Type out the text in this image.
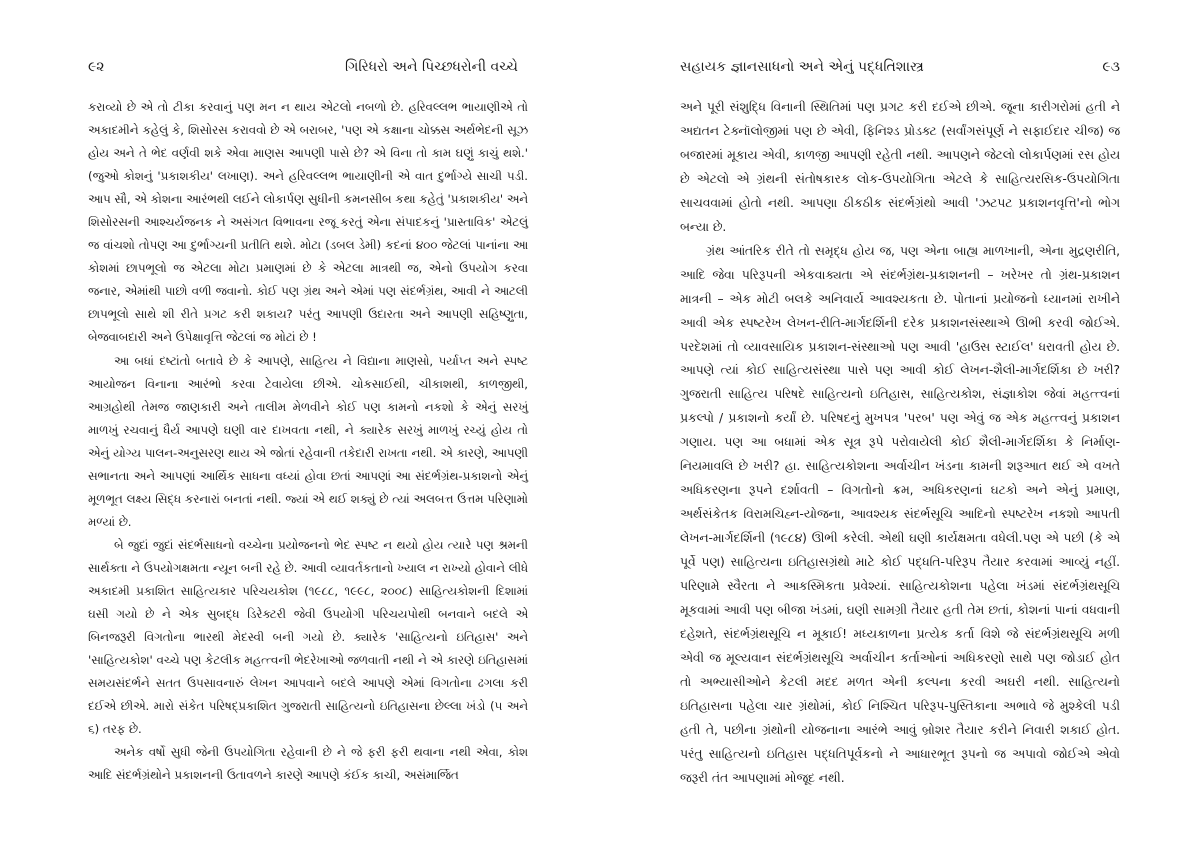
૯૨	ગિરિધરો અને પિચ્છધરોની વચ્ચે

કરાવ્યો છે એ તો ટીકા કરવાનું પણ મન ન થાય એટલો નબળો છે. હરિવલ્લભ ભાયાણીએ તો અકાદમીને કહેલું કે, શિસોરસ કરાવવો છે એ બરાબર, 'પણ એ કક્ષાના ચોક્કસ અર્થભેદની સૂઝ હોય અને તે ભેદ વર્ણવી શકે એવા માણસ આપણી પાસે છે? એ વિના તો કામ ઘણું કાચું થશે.' (જુઓ કોશનું 'પ્રકાશકીય' લખાણ). અને હરિવલ્લભ ભાયાણીની એ વાત દુર્ભાગ્યે સાચી પડી. આપ સૌ, એ કોશના આરંભથી લઈને લોકાર્પણ સુધીની કમનસીબ કથા કહેતું 'પ્રકાશકીય' અને શિસોરસની આશ્ચર્યજનક ને અસંગત વિભાવના રજૂ કરતું એના સંપાદકનું 'પ્રાસ્તાવિક' એટલું જ વાંચશો તોપણ આ દુર્ભાગ્યની પ્રતીતિ થશે. મોટા (ડબલ ડેમી) કદનાં ૪૦૦ જેટલાં પાનાંના આ કોશમાં છાપભૂલો જ એટલા મોટા પ્રમાણમાં છે કે એટલા માત્રથી જ, એનો ઉપયોગ કરવા જનાર, એમાંથી પાછો વળી જવાનો. કોઈ પણ ગ્રંથ અને એમાં પણ સંદર્ભગ્રંથ, આવી ને આટલી છાપભૂલો સાથે શી રીતે પ્રગટ કરી શકાય? પરંતુ આપણી ઉદારતા અને આપણી સહિષ્ણુતા, બેજવાબદારી અને ઉપેક્ષાવૃત્તિ જેટલાં જ મોટાં છે !

આ બધાં દષ્ટાંતો બતાવે છે કે આપણે, સાહિત્ય ને વિદ્યાના માણસો, પર્યાપ્ત અને સ્પષ્ટ આયોજન વિનાના આરંભો કરવા ટેવાયેલા છીએ. ચોકસાઈથી, ચીકાશથી, કાળજીથી, આગ્રહોથી તેમજ જાણકારી અને તાલીમ મેળવીને કોઈ પણ કામનો નકશો કે એનું સરખું માળખું રચવાનું ધૈર્ય આપણે ઘણી વાર દાખવતા નથી, ને ક્યારેક સરખું માળખું રચ્યું હોય તો એનું યોગ્ય પાલન-અનુસરણ થાય એ જોતાં રહેવાની તકેદારી રાખતા નથી. એ કારણે, આપણી સભાનતા અને આપણાં આર્થિક સાધના વધ્યાં હોવા છતાં આપણાં આ સંદર્ભગ્રંથ-પ્રકાશનો એનું મૂળભૂત લક્ષ્ય સિદ્ધ કરનારાં બનતાં નથી. જ્યાં એ થઈ શક્યું છે ત્યાં અલબત્ત ઉત્તમ પરિણામો મળ્યાં છે.

બે જુદાં જુદાં સંદર્ભસાધનો વચ્ચેના પ્રયોજનનો ભેદ સ્પષ્ટ ન થયો હોય ત્યારે પણ શ્રમની સાર્થક્તા ને ઉપયોગક્ષમતા ન્યૂન બની રહે છે. આવી વ્યાવર્તકતાનો ખ્યાલ ન રાખ્યો હોવાને લીધે અકાદમી પ્રકાશિત સાહિત્યકાર પરિચયકોશ (૧૯૮૮, ૧૯૯૮, ૨૦૦૮) સાહિત્યકોશની દિશામાં ઘસી ગયો છે ને એક સુબદ્ધ ડિરેક્ટરી જેવી ઉપયોગી પરિચયપોથી બનવાને બદલે એ બિનજરૂરી વિગતોના ભારથી મેદસ્વી બની ગયો છે. ક્યારેક 'સાહિત્યનો ઇતિહાસ' અને 'સાહિત્યકોશ' વચ્ચે પણ કેટલીક મહત્ત્વની ભેદરેખાઓ જળવાતી નથી ને એ કારણે ઇતિહાસમાં સમયસંદર્ભને સતત ઉપસાવનારું લેખન આપવાને બદલે આપણે એમાં વિગતોના ઢગલા કરી દઈએ છીએ. મારો સંકેત પરિષદ્‌પ્રકાશિત ગુજરાતી સાહિત્યનો ઇતિહાસના છેલ્લા ખંડો (૫ અને ૬) તરફ છે.

અનેક વર્ષો સુધી જેની ઉપયોગિતા રહેવાની છે ને જે ફરી ફરી થવાના નથી એવા, કોશ આદિ સંદર્ભગ્રંથોને પ્રકાશનની ઉતાવળને કારણે આપણે કંઈક કાચી, અસંમાર્જિત

સહાયક જ્ઞાનસાધનો અને એનું પદ્ધતિશાસ્ત્ર	૯૩

અને પૂરી સંશુદ્ધિ વિનાની સ્થિતિમાં પણ પ્રગટ કરી દઈએ છીએ. જૂના કારીગરોમાં હતી ને અદ્યતન ટેક્નૉલોજીમાં પણ છે એવી, ફિનિશ્ડ પ્રોડક્ટ (સર્વાંગસંપૂર્ણ ને સફાઈદાર ચીજ) જ બજારમાં મૂકાય એવી, કાળજી આપણી રહેતી નથી. આપણને જેટલો લોકાર્પણમાં રસ હોય છે એટલો એ ગ્રંથની સંતોષકારક લોક-ઉપયોગિતા એટલે કે સાહિત્યરસિક-ઉપયોગિતા સાચવવામાં હોતો નથી. આપણા ઠીકઠીક સંદર્ભગ્રંથો આવી 'ઝટપટ પ્રકાશનવૃત્તિ'નો ભોગ બન્યા છે.

ગ્રંથ આંતરિક રીતે તો સમૃદ્ધ હોય જ, પણ એના બાહ્ય માળખાની, એના મુદ્રણરીતિ, આદિ જેવા પરિરૂપની એકવાક્યતા એ સંદર્ભગ્રંથ-પ્રકાશનની – ખરેખર તો ગ્રંથ-પ્રકાશન માત્રની – એક મોટી બલકે અનિવાર્ય આવશ્યકતા છે. પોતાનાં પ્રયોજનો ધ્યાનમાં રાખીને આવી એક સ્પષ્ટરેખ લેખન-રીતિ-માર્ગદર્શિની દરેક પ્રકાશનસંસ્થાએ ઊભી કરવી જોઈએ. પરદેશમાં તો વ્યાવસાયિક પ્રકાશન-સંસ્થાઓ પણ આવી 'હાઉસ સ્ટાઈલ' ધરાવતી હોય છે. આપણે ત્યાં કોઈ સાહિત્યસંસ્થા પાસે પણ આવી કોઈ લેખન-શૈલી-માર્ગદર્શિકા છે ખરી? ગુજરાતી સાહિત્ય પરિષદે સાહિત્યનો ઇતિહાસ, સાહિત્યકોશ, સંજ્ઞાકોશ જેવાં મહત્ત્વનાં પ્રકલ્પો / પ્રકાશનો કર્યાં છે. પરિષદનું મુખપત્ર 'પરબ' પણ એવું જ એક મહત્ત્વનું પ્રકાશન ગણાય. પણ આ બધામાં એક સૂત્ર રૂપે પરોવાયેલી કોઈ શૈલી-માર્ગદર્શિકા કે નિર્માણ-નિયમાવલિ છે ખરી? હા. સાહિત્યકોશના અર્વાચીન ખંડના કામની શરૂઆત થઈ એ વખતે અધિકરણના રૂપને દર્શાવતી – વિગતોનો ક્રમ, અધિકરણનાં ઘટકો અને એનું પ્રમાણ, અર્થસંકેતક વિરામચિહ્ન-યોજના, આવશ્યક સંદર્ભસૂચિ આદિનો સ્પષ્ટરેખ નકશો આપતી લેખન-માર્ગદર્શિની (૧૯૮૪) ઊભી કરેલી. એથી ઘણી કાર્યક્ષમતા વધેલી.પણ એ પછી (કે એ પૂર્વે પણ) સાહિત્યના ઇતિહાસગ્રંથો માટે કોઈ પદ્ધતિ-પરિરૂપ તૈયાર કરવામાં આવ્યું નહીં. પરિણામે સ્વૈરતા ને આકસ્મિકતા પ્રવેશ્યાં. સાહિત્યકોશના પહેલા ખંડમાં સંદર્ભગ્રંથસૂચિ મૂકવામાં આવી પણ બીજા ખંડમાં, ઘણી સામગ્રી તૈયાર હતી તેમ છતાં, કોશનાં પાનાં વધવાની દહેશતે, સંદર્ભગ્રંથસૂચિ ન મૂકાઈ! મધ્યકાળના પ્રત્યેક કર્તા વિશે જે સંદર્ભગ્રંથસૂચિ મળી એવી જ મૂલ્યવાન સંદર્ભગ્રંથસૂચિ અર્વાચીન કર્તાઓનાં અધિકરણો સાથે પણ જોડાઈ હોત તો અભ્યાસીઓને કેટલી મદદ મળત એની કલ્પના કરવી અઘરી નથી. સાહિત્યનો ઇતિહાસના પહેલા ચાર ગ્રંથોમાં, કોઈ નિશ્ચિત પરિરૂપ-પુસ્તિકાના અભાવે જે મુશ્કેલી પડી હતી તે, પછીના ગ્રંથોની યોજનાના આરંભે આવું બ્રોશર તૈયાર કરીને નિવારી શકાઈ હોત. પરંતુ સાહિત્યનો ઇતિહાસ પદ્ધતિપૂર્વકનો ને આધારભૂત રૂપનો જ અપાવો જોઈએ એવો જરૂરી તંત આપણામાં મોજૂદ નથી.
